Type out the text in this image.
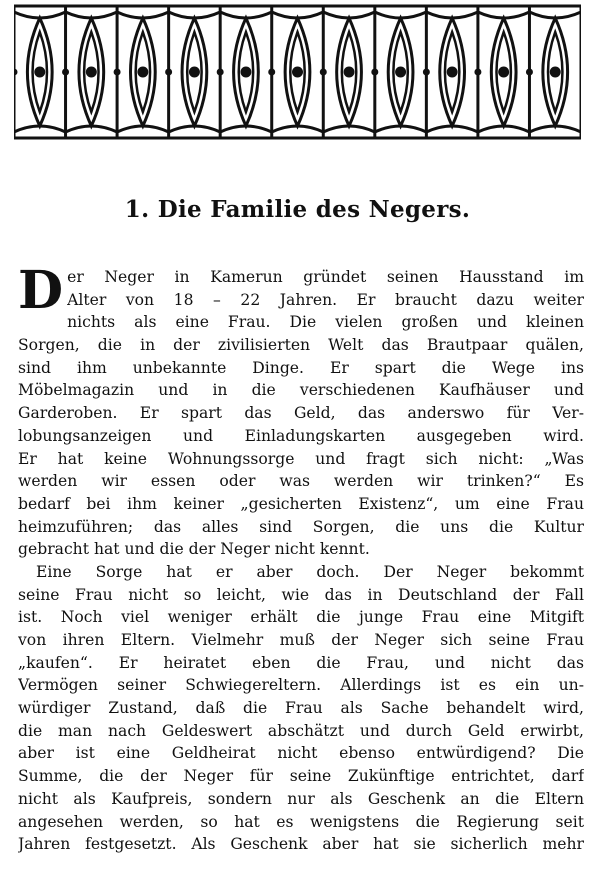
1. Die Familie des Negers.
D er Neger in Kamerun gründet seinen Hausstand im
Alter von 18 – 22 Jahren. Er braucht dazu weiter
nichts als eine Frau. Die vielen großen und kleinen
Sorgen, die in der zivilisierten Welt das Brautpaar quälen,
sind ihm unbekannte Dinge. Er spart die Wege ins
Möbelmagazin und in die verschiedenen Kaufhäuser und
Garderoben. Er spart das Geld, das anderswo für Ver-
lobungsanzeigen und Einladungskarten ausgegeben wird.
Er hat keine Wohnungssorge und fragt sich nicht: „Was
werden wir essen oder was werden wir trinken?“ Es
bedarf bei ihm keiner „gesicherten Existenz“, um eine Frau
heimzuführen; das alles sind Sorgen, die uns die Kultur
gebracht hat und die der Neger nicht kennt.
Eine Sorge hat er aber doch. Der Neger bekommt
seine Frau nicht so leicht, wie das in Deutschland der Fall
ist. Noch viel weniger erhält die junge Frau eine Mitgift
von ihren Eltern. Vielmehr muß der Neger sich seine Frau
„kaufen“. Er heiratet eben die Frau, und nicht das
Vermögen seiner Schwiegereltern. Allerdings ist es ein un-
würdiger Zustand, daß die Frau als Sache behandelt wird,
die man nach Geldeswert abschätzt und durch Geld erwirbt,
aber ist eine Geldheirat nicht ebenso entwürdigend? Die
Summe, die der Neger für seine Zukünftige entrichtet, darf
nicht als Kaufpreis, sondern nur als Geschenk an die Eltern
angesehen werden, so hat es wenigstens die Regierung seit
Jahren festgesetzt. Als Geschenk aber hat sie sicherlich mehr
